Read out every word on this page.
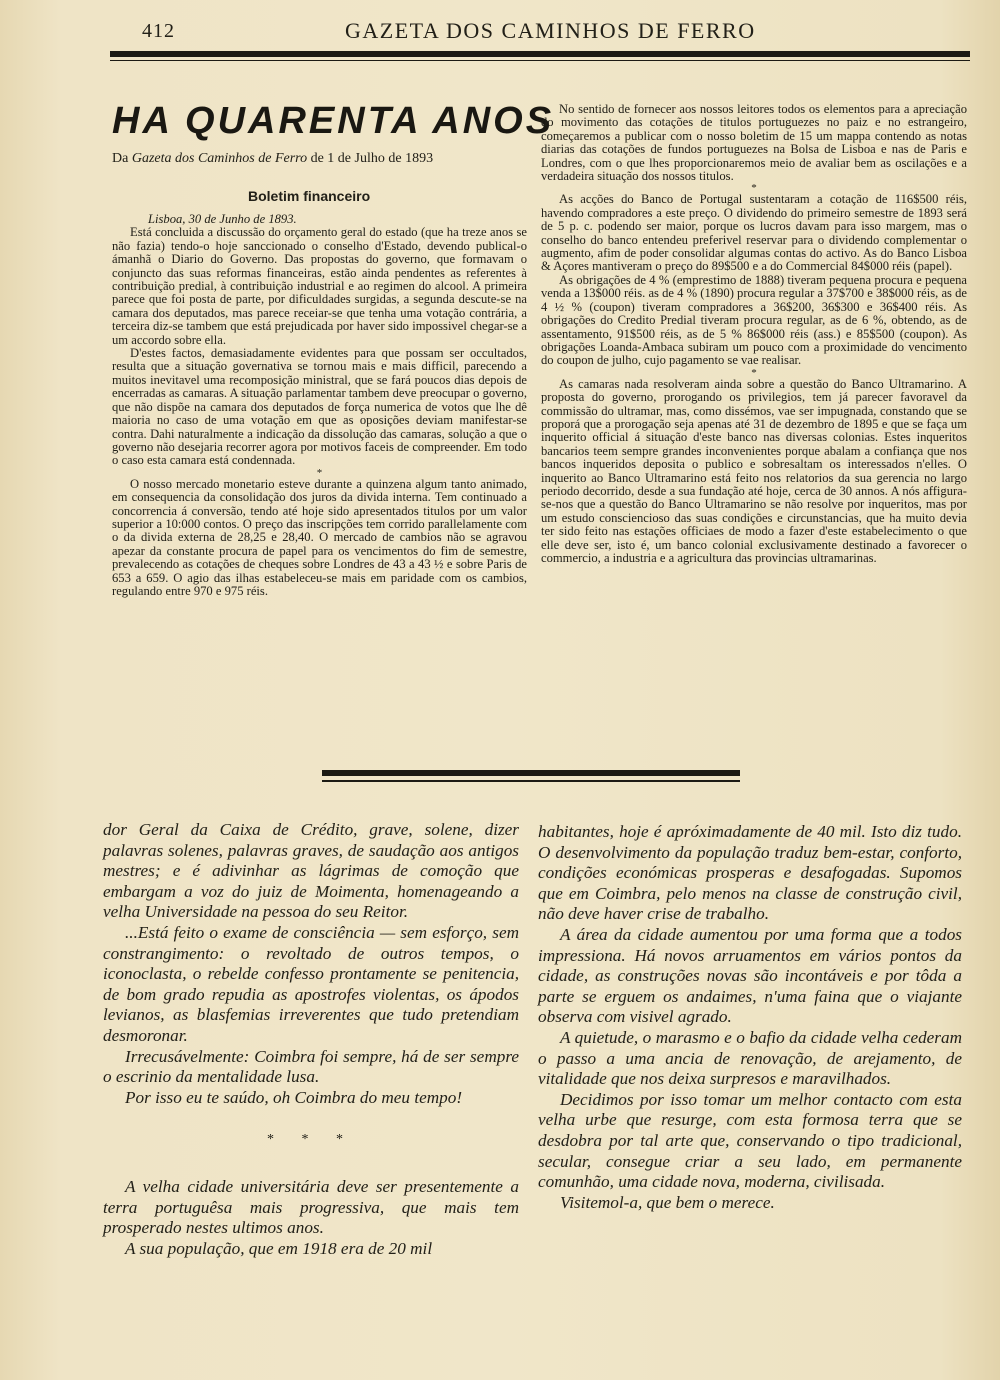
412	GAZETA DOS CAMINHOS DE FERRO
HA QUARENTA ANOS
Da Gazeta dos Caminhos de Ferro de 1 de Julho de 1893
Boletim financeiro

Lisboa, 30 de Junho de 1893.

Está concluida a discussão do orçamento geral do estado (que ha treze anos se não fazia) tendo-o hoje sanccionado o conselho d'Estado, devendo publical-o ámanhã o Diario do Governo. Das propostas do governo, que formavam o conjuncto das suas reformas financeiras, estão ainda pendentes as referentes à contribuição predial, à contribuição industrial e ao regimen do alcool. A primeira parece que foi posta de parte, por dificuldades surgidas, a segunda descute-se na camara dos deputados, mas parece receiar-se que tenha uma votação contrária, a terceira diz-se tambem que está prejudicada por haver sido impossivel chegar-se a um accordo sobre ella.

D'estes factos, demasiadamente evidentes para que possam ser occultados, resulta que a situação governativa se tornou mais e mais difficil, parecendo a muitos inevitavel uma recomposição ministral, que se fará poucos dias depois de encerradas as camaras. A situação parlamentar tambem deve preocupar o governo, que não dispõe na camara dos deputados de força numerica de votos que lhe dê maioria no caso de uma votação em que as oposições deviam manifestar-se contra. Dahi naturalmente a indicação da dissolução das camaras, solução a que o governo não desejaria recorrer agora por motivos faceis de compreender. Em todo o caso esta camara está condennada.

*

O nosso mercado monetario esteve durante a quinzena algum tanto animado, em consequencia da consolidação dos juros da divida interna. Tem continuado a concorrencia á conversão, tendo até hoje sido apresentados titulos por um valor superior a 10:000 contos. O preço das inscripções tem corrido parallelamente com o da divida externa de 28,25 e 28,40. O mercado de cambios não se agravou apezar da constante procura de papel para os vencimentos do fim de semestre, prevalecendo as cotações de cheques sobre Londres de 43 a 43 ½ e sobre Paris de 653 a 659. O agio das ilhas estabeleceu-se mais em paridade com os cambios, regulando entre 970 e 975 réis.

No sentido de fornecer aos nossos leitores todos os elementos para a apreciação do movimento das cotações de titulos portuguezes no paiz e no estrangeiro, começaremos a publicar com o nosso boletim de 15 um mappa contendo as notas diarias das cotações de fundos portuguezes na Bolsa de Lisboa e nas de Paris e Londres, com o que lhes proporcionaremos meio de avaliar bem as oscilações e a verdadeira situação dos nossos titulos.

*

As acções do Banco de Portugal sustentaram a cotação de 116$500 réis, havendo compradores a este preço. O dividendo do primeiro semestre de 1893 será de 5 p. c. podendo ser maior, porque os lucros davam para isso margem, mas o conselho do banco entendeu preferivel reservar para o dividendo complementar o augmento, afim de poder consolidar algumas contas do activo. As do Banco Lisboa & Açores mantiveram o preço do 89$500 e a do Commercial 84$000 réis (papel).

As obrigações de 4 % (emprestimo de 1888) tiveram pequena procura e pequena venda a 13$000 réis. as de 4 % (1890) procura regular a 37$700 e 38$000 réis, as de 4 ½ % (coupon) tiveram compradores a 36$200, 36$300 e 36$400 réis. As obrigações do Credito Predial tiveram procura regular, as de 6 %, obtendo, as de assentamento, 91$500 réis, as de 5 % 86$000 réis (ass.) e 85$500 (coupon). As obrigações Loanda-Ambaca subiram um pouco com a proximidade do vencimento do coupon de julho, cujo pagamento se vae realisar.

*

As camaras nada resolveram ainda sobre a questão do Banco Ultramarino. A proposta do governo, prorogando os privilegios, tem já parecer favoravel da commissão do ultramar, mas, como dissémos, vae ser impugnada, constando que se proporá que a prorogação seja apenas até 31 de dezembro de 1895 e que se faça um inquerito official á situação d'este banco nas diversas colonias. Estes inqueritos bancarios teem sempre grandes inconvenientes porque abalam a confiança que nos bancos inqueridos deposita o publico e sobresaltam os interessados n'elles. O inquerito ao Banco Ultramarino está feito nos relatorios da sua gerencia no largo periodo decorrido, desde a sua fundação até hoje, cerca de 30 annos. A nós affigura-se-nos que a questão do Banco Ultramarino se não resolve por inqueritos, mas por um estudo consciencioso das suas condições e circunstancias, que ha muito devia ter sido feito nas estações officiaes de modo a fazer d'este estabelecimento o que elle deve ser, isto é, um banco colonial exclusivamente destinado a favorecer o commercio, a industria e a agricultura das provincias ultramarinas.

dor Geral da Caixa de Crédito, grave, solene, dizer palavras solenes, palavras graves, de saudação aos antigos mestres; e é adivinhar as lágrimas de comoção que embargam a voz do juiz de Moimenta, homenageando a velha Universidade na pessoa do seu Reitor.

...Está feito o exame de consciência — sem esforço, sem constrangimento: o revoltado de outros tempos, o iconoclasta, o rebelde confesso prontamente se penitencia, de bom grado repudia as apostrofes violentas, os ápodos levianos, as blasfemias irreverentes que tudo pretendiam desmoronar.

Irrecusávelmente: Coimbra foi sempre, há de ser sempre o escrinio da mentalidade lusa.

Por isso eu te saúdo, oh Coimbra do meu tempo!

* * *

A velha cidade universitária deve ser presentemente a terra portuguêsa mais progressiva, que mais tem prosperado nestes ultimos anos.

A sua população, que em 1918 era de 20 mil

habitantes, hoje é apróximadamente de 40 mil. Isto diz tudo. O desenvolvimento da população traduz bem-estar, conforto, condições económicas prosperas e desafogadas. Supomos que em Coimbra, pelo menos na classe de construção civil, não deve haver crise de trabalho.

A área da cidade aumentou por uma forma que a todos impressiona. Há novos arruamentos em vários pontos da cidade, as construções novas são incontáveis e por tôda a parte se erguem os andaimes, n'uma faina que o viajante observa com visivel agrado.

A quietude, o marasmo e o bafio da cidade velha cederam o passo a uma ancia de renovação, de arejamento, de vitalidade que nos deixa surpresos e maravilhados.

Decidimos por isso tomar um melhor contacto com esta velha urbe que resurge, com esta formosa terra que se desdobra por tal arte que, conservando o tipo tradicional, secular, consegue criar a seu lado, em permanente comunhão, uma cidade nova, moderna, civilisada.

Visitemol-a, que bem o merece.
